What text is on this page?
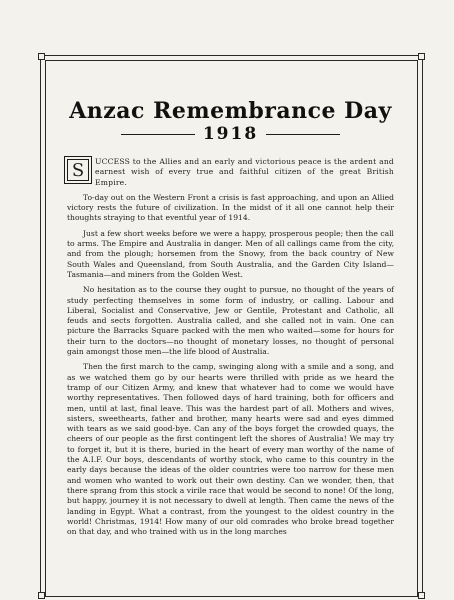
Anzac Remembrance Day
1918

S	UCCESS to the Allies and an early and victorious peace is the ardent and earnest wish of every true and faithful citizen of the great British Empire.

To-day out on the Western Front a crisis is fast approaching, and upon an Allied victory rests the future of civilization. In the midst of it all one cannot help their thoughts straying to that eventful year of 1914.

Just a few short weeks before we were a happy, prosperous people; then the call to arms. The Empire and Australia in danger. Men of all callings came from the city, and from the plough; horsemen from the Snowy, from the back country of New South Wales and Queensland, from South Australia, and the Garden City Island—Tasmania—and miners from the Golden West.

No hesitation as to the course they ought to pursue, no thought of the years of study perfecting themselves in some form of industry, or calling. Labour and Liberal, Socialist and Conservative, Jew or Gentile, Protestant and Catholic, all feuds and sects forgotten. Australia called, and she called not in vain. One can picture the Barracks Square packed with the men who waited—some for hours for their turn to the doctors—no thought of monetary losses, no thought of personal gain amongst those men—the life blood of Australia.

Then the first march to the camp, swinging along with a smile and a song, and as we watched them go by our hearts were thrilled with pride as we heard the tramp of our Citizen Army, and knew that whatever had to come we would have worthy representatives. Then followed days of hard training, both for officers and men, until at last, final leave. This was the hardest part of all. Mothers and wives, sisters, sweethearts, father and brother, many hearts were sad and eyes dimmed with tears as we said good-bye. Can any of the boys forget the crowded quays, the cheers of our people as the first contingent left the shores of Australia! We may try to forget it, but it is there, buried in the heart of every man worthy of the name of the A.I.F. Our boys, descendants of worthy stock, who came to this country in the early days because the ideas of the older countries were too narrow for these men and women who wanted to work out their own destiny. Can we wonder, then, that there sprang from this stock a virile race that would be second to none! Of the long, but happy, journey it is not necessary to dwell at length. Then came the news of the landing in Egypt. What a contrast, from the youngest to the oldest country in the world! Christmas, 1914! How many of our old comrades who broke bread together on that day, and who trained with us in the long marches
